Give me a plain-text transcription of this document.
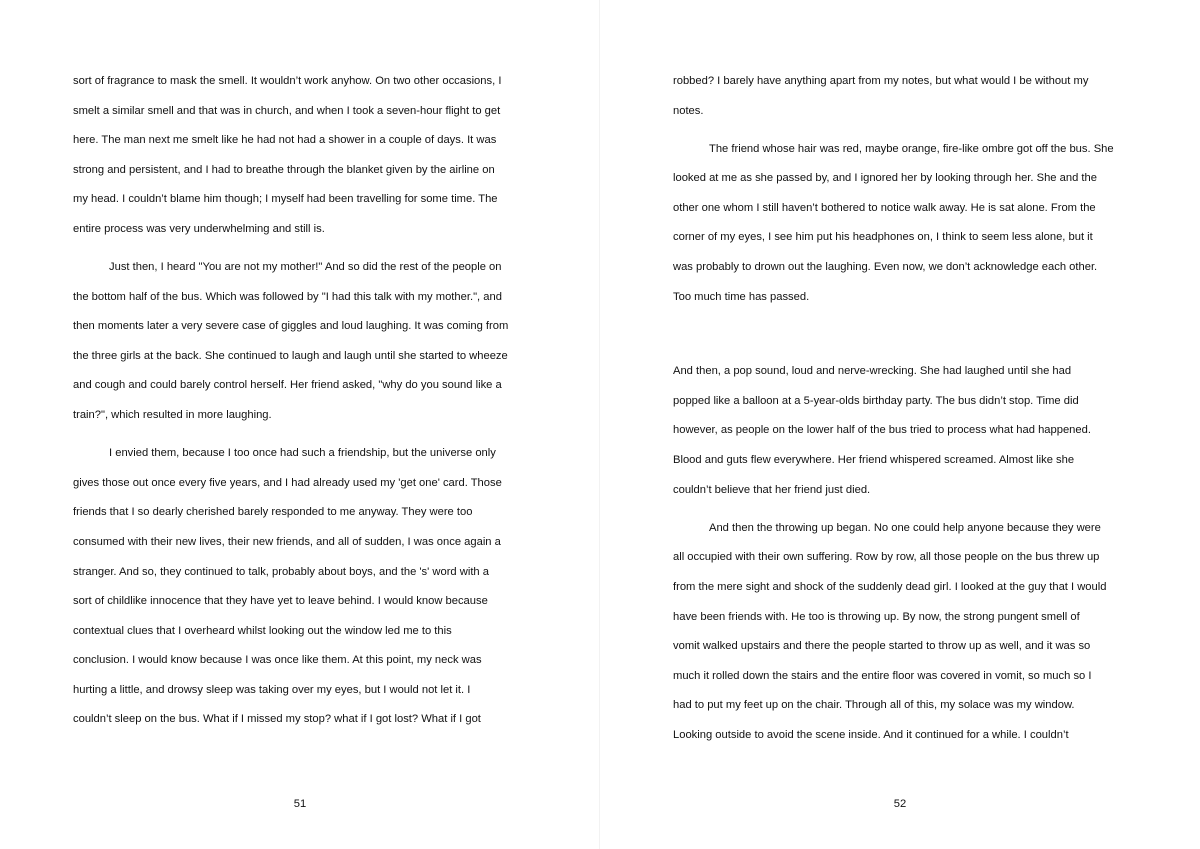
sort of fragrance to mask the smell. It wouldn’t work anyhow. On two other occasions, I
smelt a similar smell and that was in church, and when I took a seven-hour flight to get
here. The man next me smelt like he had not had a shower in a couple of days. It was
strong and persistent, and I had to breathe through the blanket given by the airline on
my head. I couldn’t blame him though; I myself had been travelling for some time. The
entire process was very underwhelming and still is.
Just then, I heard "You are not my mother!" And so did the rest of the people on
the bottom half of the bus. Which was followed by "I had this talk with my mother.", and
then moments later a very severe case of giggles and loud laughing. It was coming from
the three girls at the back. She continued to laugh and laugh until she started to wheeze
and cough and could barely control herself. Her friend asked, "why do you sound like a
train?", which resulted in more laughing.
I envied them, because I too once had such a friendship, but the universe only
gives those out once every five years, and I had already used my 'get one' card. Those
friends that I so dearly cherished barely responded to me anyway. They were too
consumed with their new lives, their new friends, and all of sudden, I was once again a
stranger. And so, they continued to talk, probably about boys, and the 's' word with a
sort of childlike innocence that they have yet to leave behind. I would know because
contextual clues that I overheard whilst looking out the window led me to this
conclusion. I would know because I was once like them. At this point, my neck was
hurting a little, and drowsy sleep was taking over my eyes, but I would not let it. I
couldn’t sleep on the bus. What if I missed my stop? what if I got lost? What if I got
51
robbed? I barely have anything apart from my notes, but what would I be without my
notes.
The friend whose hair was red, maybe orange, fire-like ombre got off the bus. She
looked at me as she passed by, and I ignored her by looking through her. She and the
other one whom I still haven’t bothered to notice walk away. He is sat alone. From the
corner of my eyes, I see him put his headphones on, I think to seem less alone, but it
was probably to drown out the laughing. Even now, we don’t acknowledge each other.
Too much time has passed.
And then, a pop sound, loud and nerve-wrecking. She had laughed until she had
popped like a balloon at a 5-year-olds birthday party. The bus didn’t stop. Time did
however, as people on the lower half of the bus tried to process what had happened.
Blood and guts flew everywhere. Her friend whispered screamed. Almost like she
couldn’t believe that her friend just died.
And then the throwing up began. No one could help anyone because they were
all occupied with their own suffering. Row by row, all those people on the bus threw up
from the mere sight and shock of the suddenly dead girl. I looked at the guy that I would
have been friends with. He too is throwing up. By now, the strong pungent smell of
vomit walked upstairs and there the people started to throw up as well, and it was so
much it rolled down the stairs and the entire floor was covered in vomit, so much so I
had to put my feet up on the chair. Through all of this, my solace was my window.
Looking outside to avoid the scene inside. And it continued for a while. I couldn’t
52
